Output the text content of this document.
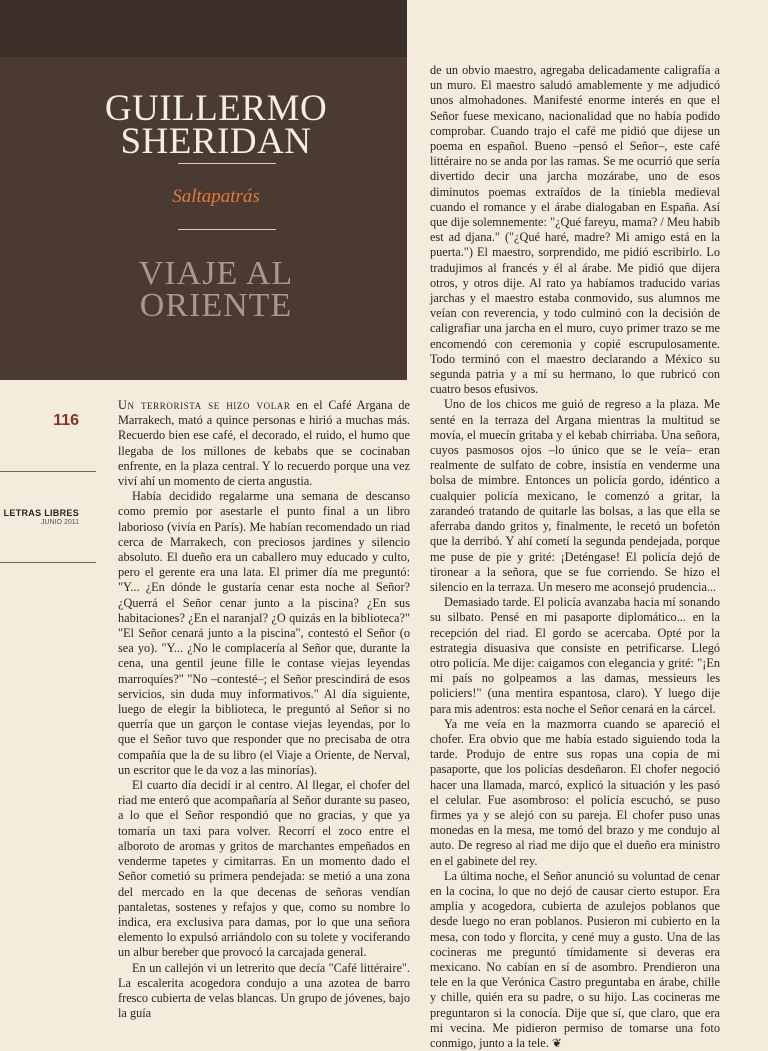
GUILLERMO
SHERIDAN
Saltapatrás
VIAJE AL
ORIENTE
116
LETRAS LIBRES
JUNIO 2011

Un terrorista se hizo volar en el Café Argana de Marrakech, mató a quince personas e hirió a muchas más. Recuerdo bien ese café, el decorado, el ruido, el humo que llegaba de los millones de kebabs que se cocinaban enfrente, en la plaza central. Y lo recuerdo porque una vez viví ahí un momento de cierta angustia.

Había decidido regalarme una semana de descanso como premio por asestarle el punto final a un libro laborioso (vivía en París). Me habían recomendado un riad cerca de Marrakech, con preciosos jardines y silencio absoluto. El dueño era un caballero muy educado y culto, pero el gerente era una lata. El primer día me preguntó: "Y... ¿En dónde le gustaría cenar esta noche al Señor? ¿Querrá el Señor cenar junto a la piscina? ¿En sus habitaciones? ¿En el naranjal? ¿O quizás en la biblioteca?" "El Señor cenará junto a la piscina", contestó el Señor (o sea yo). "Y... ¿No le complacería al Señor que, durante la cena, una gentil jeune fille le contase viejas leyendas marroquíes?" "No –contesté–; el Señor prescindirá de esos servicios, sin duda muy informativos." Al día siguiente, luego de elegir la biblioteca, le preguntó al Señor si no querría que un garçon le contase viejas leyendas, por lo que el Señor tuvo que responder que no precisaba de otra compañía que la de su libro (el Viaje a Oriente, de Nerval, un escritor que le da voz a las minorías).

El cuarto día decidí ir al centro. Al llegar, el chofer del riad me enteró que acompañaría al Señor durante su paseo, a lo que el Señor respondió que no gracias, y que ya tomaría un taxi para volver. Recorrí el zoco entre el alboroto de aromas y gritos de marchantes empeñados en venderme tapetes y cimitarras. En un momento dado el Señor cometió su primera pendejada: se metió a una zona del mercado en la que decenas de señoras vendían pantaletas, sostenes y refajos y que, como su nombre lo indica, era exclusiva para damas, por lo que una señora elemento lo expulsó arriándolo con su tolete y vociferando un albur bereber que provocó la carcajada general.

En un callejón vi un letrerito que decía "Café littéraire". La escalerita acogedora condujo a una azotea de barro fresco cubierta de velas blancas. Un grupo de jóvenes, bajo la guía

de un obvio maestro, agregaba delicadamente caligrafía a un muro. El maestro saludó amablemente y me adjudicó unos almohadones. Manifesté enorme interés en que el Señor fuese mexicano, nacionalidad que no había podido comprobar. Cuando trajo el café me pidió que dijese un poema en español. Bueno –pensó el Señor–, este café littéraire no se anda por las ramas. Se me ocurrió que sería divertido decir una jarcha mozárabe, uno de esos diminutos poemas extraídos de la tiniebla medieval cuando el romance y el árabe dialogaban en España. Así que dije solemnemente: "¿Qué fareyu, mama? / Meu habib est ad djana." ("¿Qué haré, madre? Mi amigo está en la puerta.") El maestro, sorprendido, me pidió escribirlo. Lo tradujimos al francés y él al árabe. Me pidió que dijera otros, y otros dije. Al rato ya habíamos traducido varias jarchas y el maestro estaba conmovido, sus alumnos me veían con reverencia, y todo culminó con la decisión de caligrafiar una jarcha en el muro, cuyo primer trazo se me encomendó con ceremonia y copié escrupulosamente. Todo terminó con el maestro declarando a México su segunda patria y a mí su hermano, lo que rubricó con cuatro besos efusivos.

Uno de los chicos me guió de regreso a la plaza. Me senté en la terraza del Argana mientras la multitud se movía, el muecín gritaba y el kebab chirriaba. Una señora, cuyos pasmosos ojos –lo único que se le veía– eran realmente de sulfato de cobre, insistía en venderme una bolsa de mimbre. Entonces un policía gordo, idéntico a cualquier policía mexicano, le comenzó a gritar, la zarandeó tratando de quitarle las bolsas, a las que ella se aferraba dando gritos y, finalmente, le recetó un bofetón que la derribó. Y ahí cometí la segunda pendejada, porque me puse de pie y grité: ¡Deténgase! El policía dejó de tironear a la señora, que se fue corriendo. Se hizo el silencio en la terraza. Un mesero me aconsejó prudencia...

Demasiado tarde. El policía avanzaba hacia mí sonando su silbato. Pensé en mi pasaporte diplomático... en la recepción del riad. El gordo se acercaba. Opté por la estrategia disuasiva que consiste en petrificarse. Llegó otro policía. Me dije: caigamos con elegancia y grité: "¡En mi país no golpeamos a las damas, messieurs les policiers!" (una mentira espantosa, claro). Y luego dije para mis adentros: esta noche el Señor cenará en la cárcel.

Ya me veía en la mazmorra cuando se apareció el chofer. Era obvio que me había estado siguiendo toda la tarde. Produjo de entre sus ropas una copia de mi pasaporte, que los policías desdeñaron. El chofer negoció hacer una llamada, marcó, explicó la situación y les pasó el celular. Fue asombroso: el policía escuchó, se puso firmes ya y se alejó con su pareja. El chofer puso unas monedas en la mesa, me tomó del brazo y me condujo al auto. De regreso al riad me dijo que el dueño era ministro en el gabinete del rey.

La última noche, el Señor anunció su voluntad de cenar en la cocina, lo que no dejó de causar cierto estupor. Era amplia y acogedora, cubierta de azulejos poblanos que desde luego no eran poblanos. Pusieron mi cubierto en la mesa, con todo y florcita, y cené muy a gusto. Una de las cocineras me preguntó tímidamente si deveras era mexicano. No cabían en sí de asombro. Prendieron una tele en la que Verónica Castro preguntaba en árabe, chille y chille, quién era su padre, o su hijo. Las cocineras me preguntaron si la conocía. Dije que sí, que claro, que era mi vecina. Me pidieron permiso de tomarse una foto conmigo, junto a la tele. ❦
